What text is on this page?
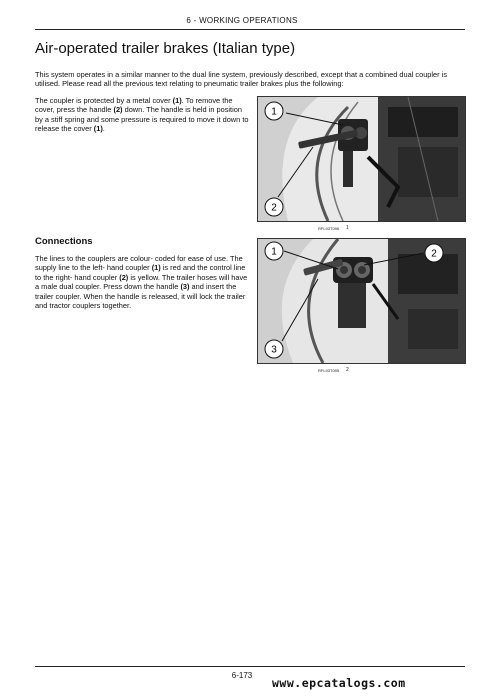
6 - WORKING OPERATIONS
Air-operated trailer brakes (Italian type)
This system operates in a similar manner to the dual line system, previously described, except that a combined dual coupler is utilised. Please read all the previous text relating to pneumatic trailer brakes plus the following:
The coupler is protected by a metal cover (1). To remove the cover, press the handle (2) down. The handle is held in position by a stiff spring and some pressure is required to move it down to release the cover (1).
1
2
RFL93T096 1
Connections
The lines to the couplers are colour- coded for ease of use. The supply line to the left- hand coupler (1) is red and the control line to the right- hand coupler (2) is yellow. The trailer hoses will have a male dual coupler. Press down the handle (3) and insert the trailer coupler. When the handle is released, it will lock the trailer and tractor couplers together.
1	2
3
RFL93T095 2
6-173
www.epcatalogs.com
